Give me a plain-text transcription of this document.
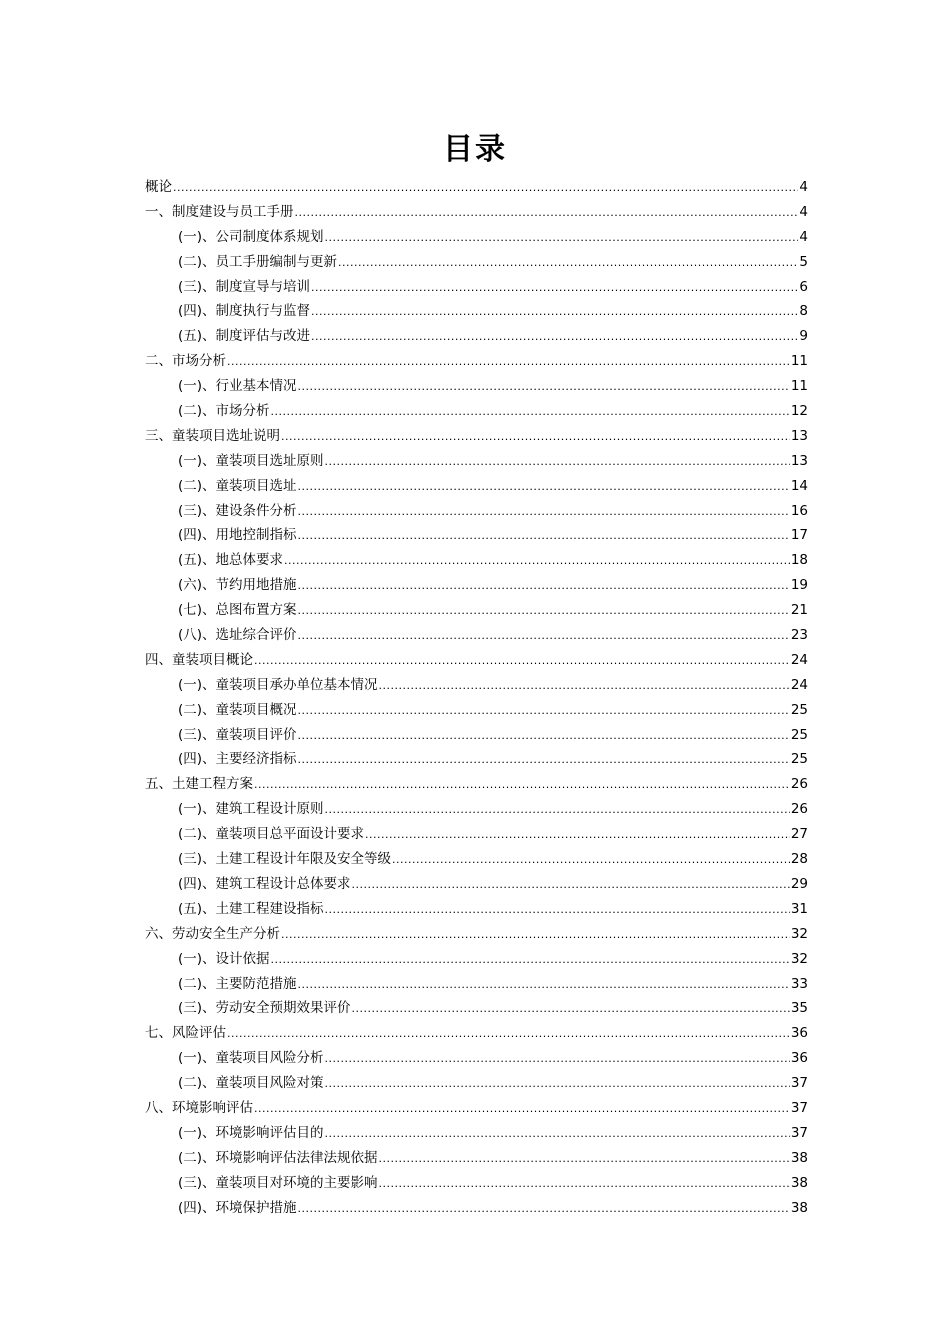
目录
概论 .....	4
一、制度建设与员工手册 .....	4
(一)、公司制度体系规划 .....	4
(二)、员工手册编制与更新 .....	5
(三)、制度宣导与培训 .....	6
(四)、制度执行与监督 .....	8
(五)、制度评估与改进 .....	9
二、市场分析 .....	11
(一)、行业基本情况 .....	11
(二)、市场分析 .....	12
三、童装项目选址说明 .....	13
(一)、童装项目选址原则 .....	13
(二)、童装项目选址 .....	14
(三)、建设条件分析 .....	16
(四)、用地控制指标 .....	17
(五)、地总体要求 .....	18
(六)、节约用地措施 .....	19
(七)、总图布置方案 .....	21
(八)、选址综合评价 .....	23
四、童装项目概论 .....	24
(一)、童装项目承办单位基本情况 .....	24
(二)、童装项目概况 .....	25
(三)、童装项目评价 .....	25
(四)、主要经济指标 .....	25
五、土建工程方案 .....	26
(一)、建筑工程设计原则 .....	26
(二)、童装项目总平面设计要求 .....	27
(三)、土建工程设计年限及安全等级 .....	28
(四)、建筑工程设计总体要求 .....	29
(五)、土建工程建设指标 .....	31
六、劳动安全生产分析 .....	32
(一)、设计依据 .....	32
(二)、主要防范措施 .....	33
(三)、劳动安全预期效果评价 .....	35
七、风险评估 .....	36
(一)、童装项目风险分析 .....	36
(二)、童装项目风险对策 .....	37
八、环境影响评估 .....	37
(一)、环境影响评估目的 .....	37
(二)、环境影响评估法律法规依据 .....	38
(三)、童装项目对环境的主要影响 .....	38
(四)、环境保护措施 .....	38
